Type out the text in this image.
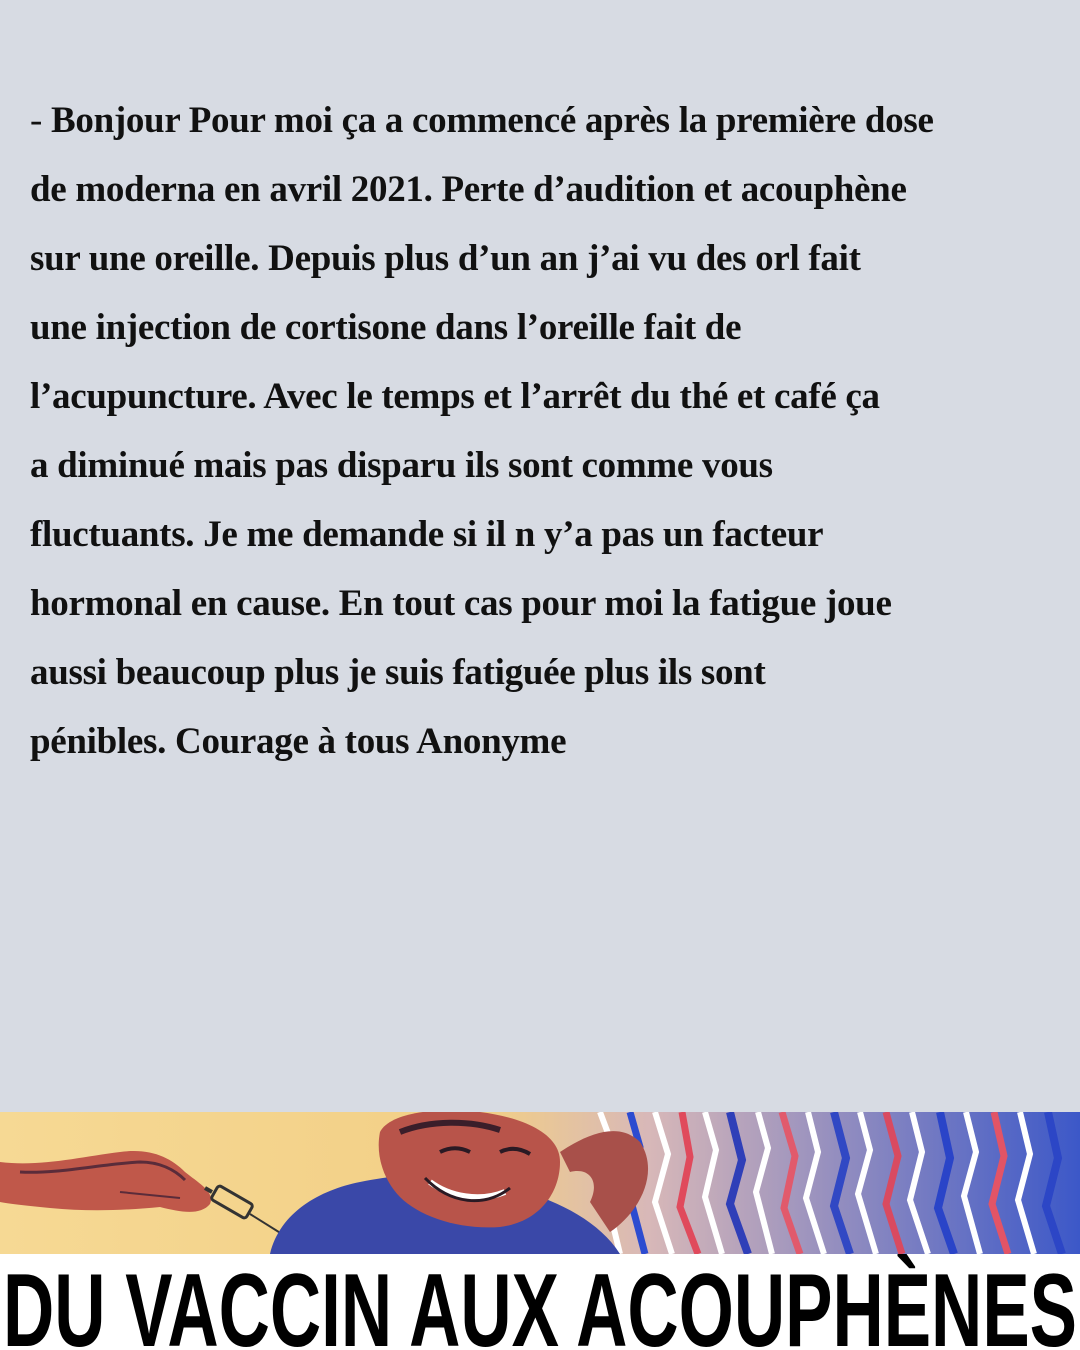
- Bonjour Pour moi ça a commencé après la première dose
de moderna en avril 2021. Perte d’audition et acouphène
sur une oreille. Depuis plus d’un an j’ai vu des orl fait
une injection de cortisone dans l’oreille fait de
l’acupuncture. Avec le temps et l’arrêt du thé et café ça
a diminué mais pas disparu ils sont comme vous
fluctuants. Je me demande si il n y’a pas un facteur
hormonal en cause. En tout cas pour moi la fatigue joue
aussi beaucoup plus je suis fatiguée plus ils sont
pénibles. Courage à tous Anonyme
DU VACCIN AUX ACOUPHÈNES
